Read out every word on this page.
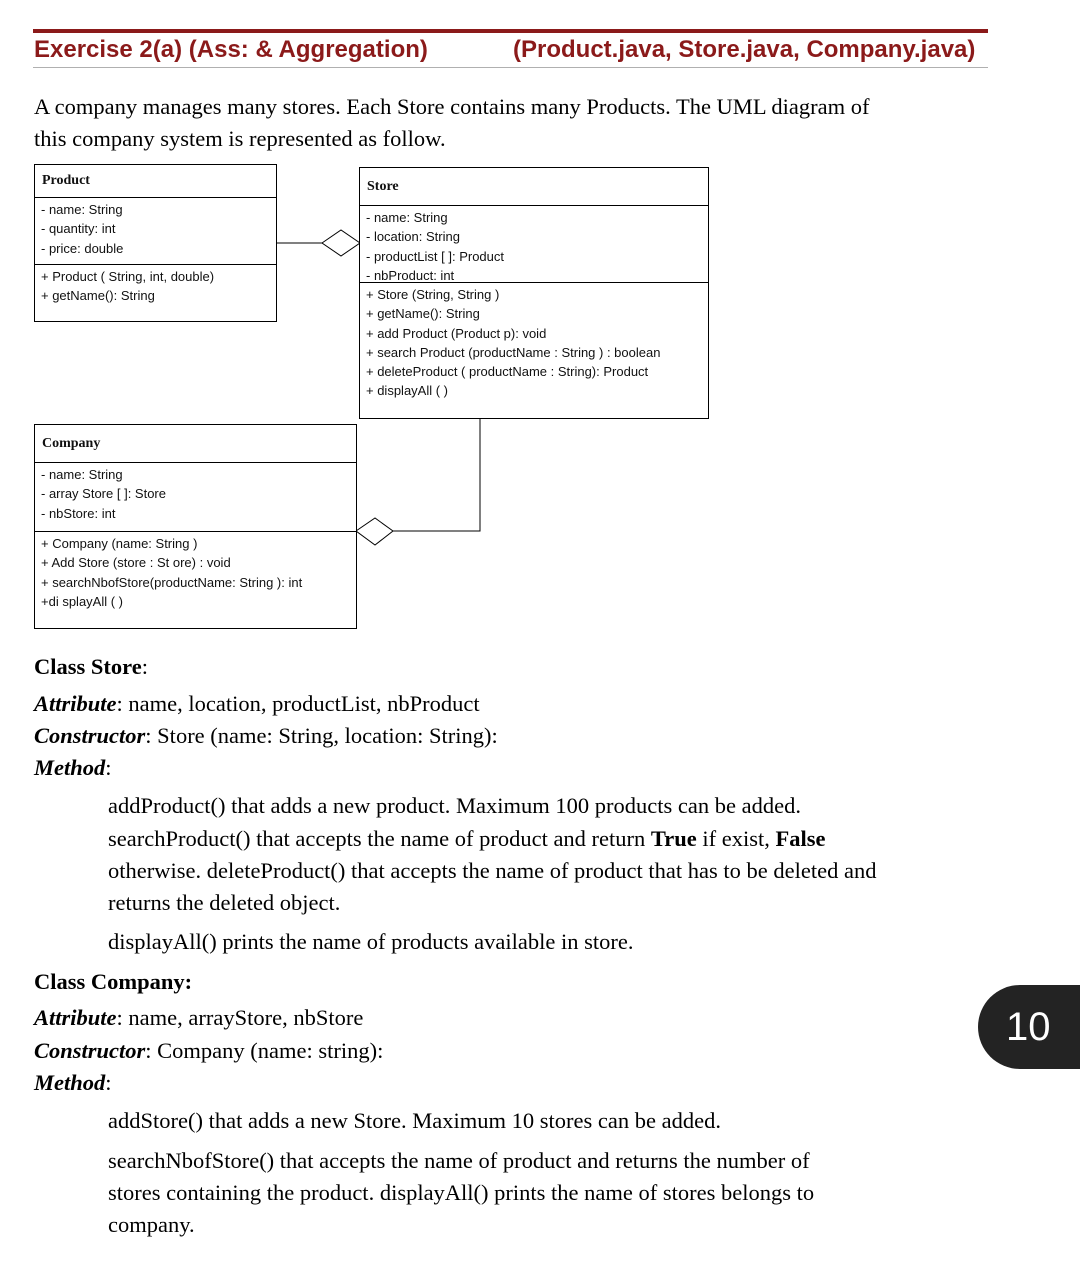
Exercise 2(a) (Ass: & Aggregation)	(Product.java, Store.java, Company.java)
A company manages many stores. Each Store contains many Products. The UML diagram of
this company system is represented as follow.
Product
- name: String
- quantity: int
- price: double
+ Product ( String, int, double)
+ getName(): String
Store
- name: String
- location: String
- productList [ ]: Product
- nbProduct: int
+ Store (String, String )
+ getName(): String
+ add Product (Product p): void
+ search Product (productName : String ) : boolean
+ deleteProduct ( productName : String): Product
+ displayAll ( )
Company
- name: String
- array Store [ ]: Store
- nbStore: int
+ Company (name: String )
+ Add Store (store : St ore) : void
+ searchNbofStore(productName: String ): int
+di splayAll ( )
Class Store:
Attribute: name, location, productList, nbProduct
Constructor: Store (name: String, location: String):
Method:
addProduct() that adds a new product. Maximum 100 products can be added.
searchProduct() that accepts the name of product and return True if exist, False
otherwise. deleteProduct() that accepts the name of product that has to be deleted and
returns the deleted object.
displayAll() prints the name of products available in store.
Class Company:
Attribute: name, arrayStore, nbStore
Constructor: Company (name: string):
Method:
addStore() that adds a new Store. Maximum 10 stores can be added.
searchNbofStore() that accepts the name of product and returns the number of
stores containing the product. displayAll() prints the name of stores belongs to
company.
10
